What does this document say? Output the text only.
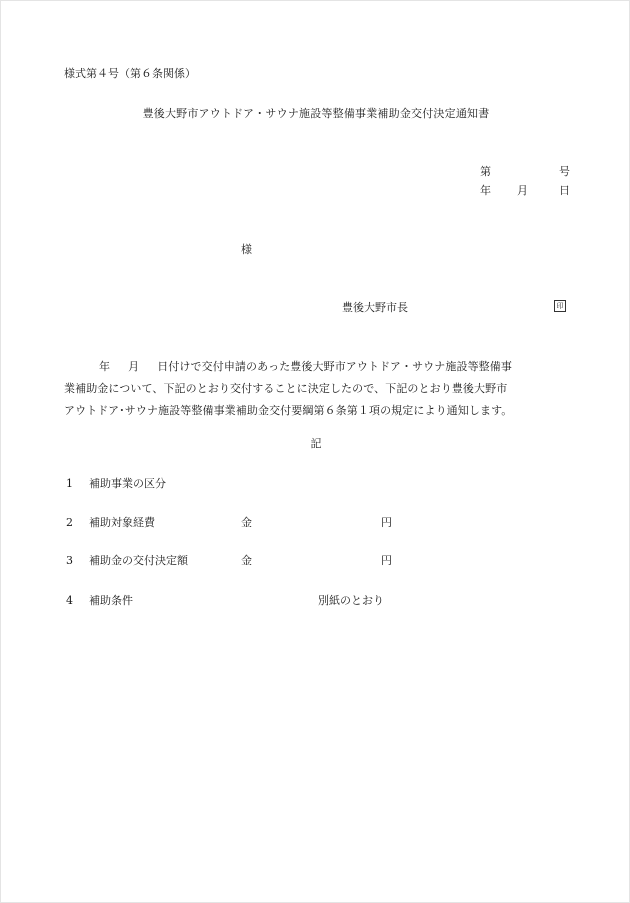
様式第４号（第６条関係）
豊後大野市アウトドア・サウナ施設等整備事業補助金交付決定通知書
第	号
年 月	日
様
豊後大野市長	印
年 月 日付けで交付申請のあった豊後大野市アウトドア・サウナ施設等整備事
業補助金について、下記のとおり交付することに決定したので、下記のとおり豊後大野市
アウトドア･サウナ施設等整備事業補助金交付要綱第６条第１項の規定により通知します。
記
1 補助事業の区分
2 補助対象経費	金	円
3 補助金の交付決定額	金	円
4 補助条件	別紙のとおり
